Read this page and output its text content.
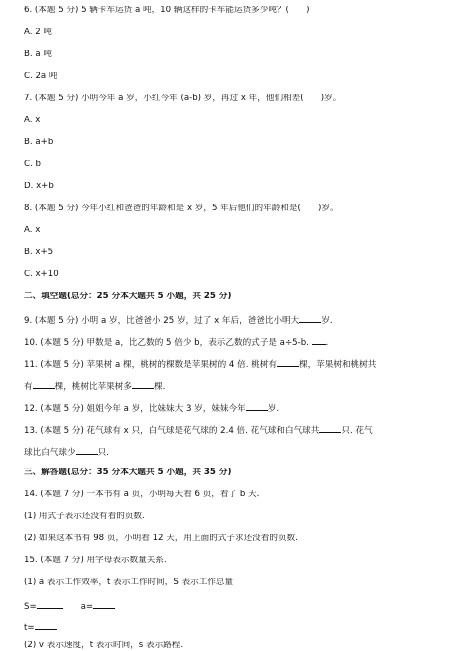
6. (本题 5 分) 5 辆卡车运货 a 吨，10 辆这样的卡车能运货多少吨？(　　)
A. 2 吨
B. a 吨
C. 2a 吨
7. (本题 5 分) 小明今年 a 岁，小红今年 (a-b) 岁，再过 x 年，他们相差(　　)岁。
A. x
B. a+b
C. b
D. x+b
8. (本题 5 分) 今年小红和爸爸的年龄和是 x 岁，5 年后他们的年龄和是(　　)岁。
A. x
B. x+5
C. x+10
二、填空题(总分：25 分本大题共 5 小题，共 25 分)
9. (本题 5 分) 小明 a 岁，比爸爸小 25 岁，过了 x 年后，爸爸比小明大	岁.
10. (本题 5 分) 甲数是 a，比乙数的 5 倍少 b，表示乙数的式子是 a÷5-b. .
11. (本题 5 分) 苹果树 a 棵，桃树的棵数是苹果树的 4 倍. 桃树有	棵，苹果树和桃树共
有	棵，桃树比苹果树多	棵.
12. (本题 5 分) 姐姐今年 a 岁，比妹妹大 3 岁，妹妹今年	岁.
13. (本题 5 分) 花气球有 x 只，白气球是花气球的 2.4 倍. 花气球和白气球共	只. 花气
球比白气球少	只.
三、解答题(总分：35 分本大题共 5 小题，共 35 分)
14. (本题 7 分) 一本书有 a 页，小明每天看 6 页，看了 b 天.
(1) 用式子表示还没有看的页数.
(2) 如果这本书有 98 页，小明看 12 天，用上面的式子求还没看的页数.
15. (本题 7 分) 用字母表示数量关系.
(1) a 表示工作效率，t 表示工作时间，S 表示工作总量
S=	a=
t=
(2) v 表示速度，t 表示时间，s 表示路程.
